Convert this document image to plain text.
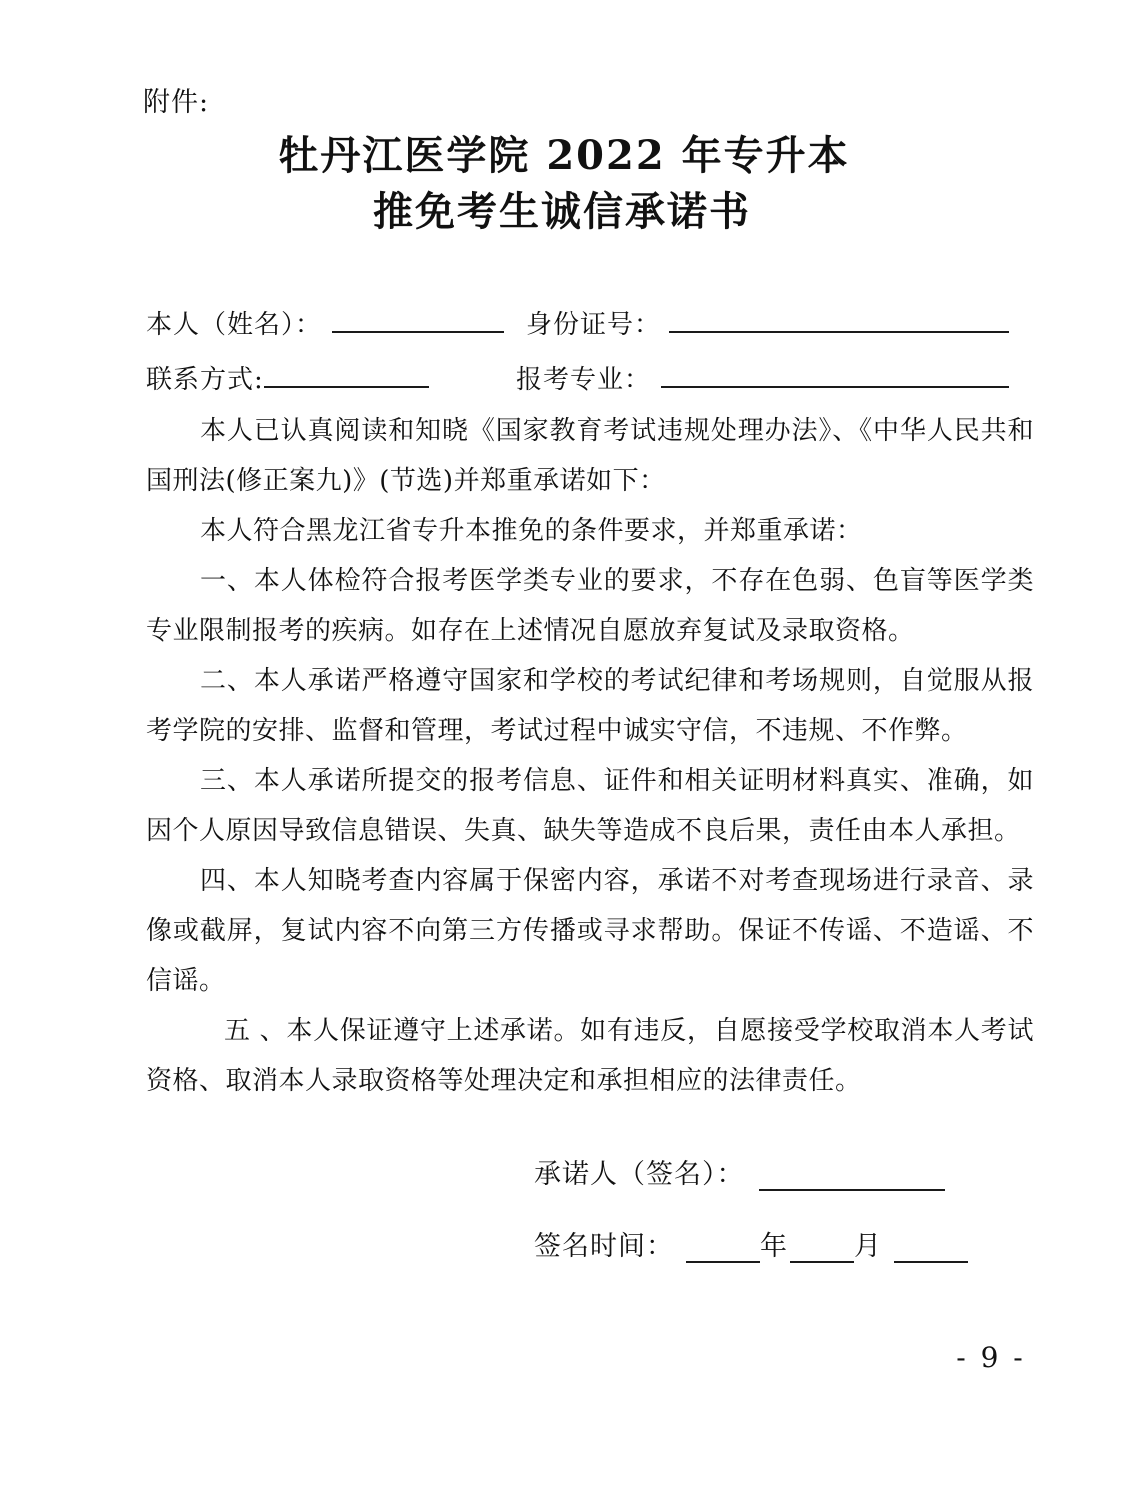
附件:
牡丹江医学院 2022 年专升本
推免考生诚信承诺书
本人（姓名）：	身份证号：
联系方式:	报考专业：

本人已认真阅读和知晓《国家教育考试违规处理办法》、《中华人民共和国刑法(修正案九)》(节选)并郑重承诺如下：

本人符合黑龙江省专升本推免的条件要求，并郑重承诺：

一、本人体检符合报考医学类专业的要求，不存在色弱、色盲等医学类专业限制报考的疾病。如存在上述情况自愿放弃复试及录取资格。

二、本人承诺严格遵守国家和学校的考试纪律和考场规则，自觉服从报考学院的安排、监督和管理，考试过程中诚实守信，不违规、不作弊。

三、本人承诺所提交的报考信息、证件和相关证明材料真实、准确，如因个人原因导致信息错误、失真、缺失等造成不良后果，责任由本人承担。

四、本人知晓考查内容属于保密内容，承诺不对考查现场进行录音、录像或截屏，复试内容不向第三方传播或寻求帮助。保证不传谣、不造谣、不信谣。

五 、本人保证遵守上述承诺。如有违反，自愿接受学校取消本人考试资格、取消本人录取资格等处理决定和承担相应的法律责任。

承诺人（签名）：
签名时间：	年 月
- 9 -
